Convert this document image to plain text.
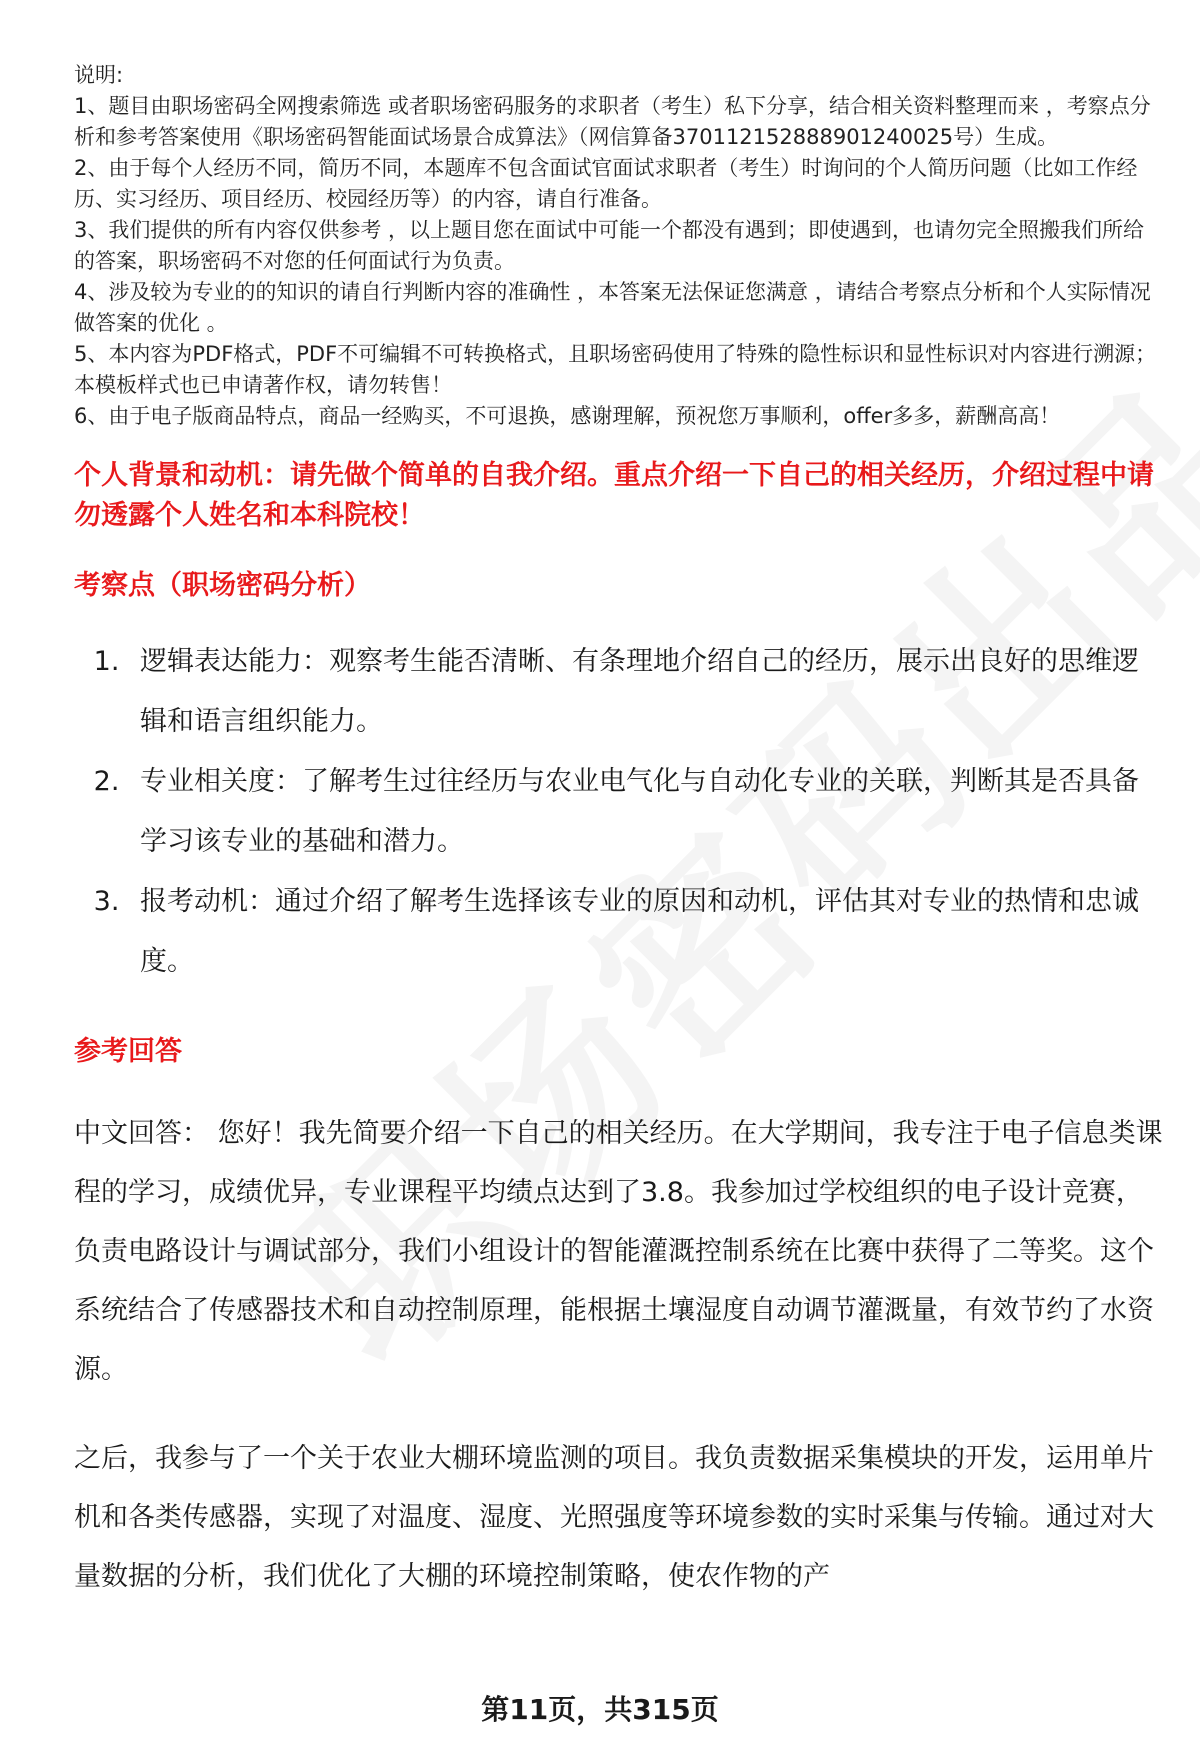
说明:

1、题目由职场密码全网搜索筛选 或者职场密码服务的求职者（考生）私下分享，结合相关资料整理而来 ，考察点分析和参考答案使用《职场密码智能面试场景合成算法》（网信算备370112152888901240025号）生成。

2、由于每个人经历不同，简历不同，本题库不包含面试官面试求职者（考生）时询问的个人简历问题（比如工作经历、实习经历、项目经历、校园经历等）的内容，请自行准备。

3、我们提供的所有内容仅供参考 ，以上题目您在面试中可能一个都没有遇到；即使遇到，也请勿完全照搬我们所给的答案，职场密码不对您的任何面试行为负责。

4、涉及较为专业的的知识的请自行判断内容的准确性 ，本答案无法保证您满意 ，请结合考察点分析和个人实际情况做答案的优化 。

5、本内容为PDF格式，PDF不可编辑不可转换格式，且职场密码使用了特殊的隐性标识和显性标识对内容进行溯源；本模板样式也已申请著作权，请勿转售！

6、由于电子版商品特点，商品一经购买，不可退换，感谢理解，预祝您万事顺利，offer多多，薪酬高高！

个人背景和动机：请先做个简单的自我介绍。重点介绍一下自己的相关经历，介绍过程中请勿透露个人姓名和本科院校！
考察点（职场密码分析）
1. 逻辑表达能力：观察考生能否清晰、有条理地介绍自己的经历，展示出良好的思维逻辑和语言组织能力。
2. 专业相关度：了解考生过往经历与农业电气化与自动化专业的关联，判断其是否具备学习该专业的基础和潜力。
3. 报考动机：通过介绍了解考生选择该专业的原因和动机，评估其对专业的热情和忠诚度。
参考回答

中文回答： 您好！我先简要介绍一下自己的相关经历。在大学期间，我专注于电子信息类课程的学习，成绩优异，专业课程平均绩点达到了3.8。我参加过学校组织的电子设计竞赛，负责电路设计与调试部分，我们小组设计的智能灌溉控制系统在比赛中获得了二等奖。这个系统结合了传感器技术和自动控制原理，能根据土壤湿度自动调节灌溉量，有效节约了水资源。

之后，我参与了一个关于农业大棚环境监测的项目。我负责数据采集模块的开发，运用单片机和各类传感器，实现了对温度、湿度、光照强度等环境参数的实时采集与传输。通过对大量数据的分析，我们优化了大棚的环境控制策略，使农作物的产

第11页，共315页
